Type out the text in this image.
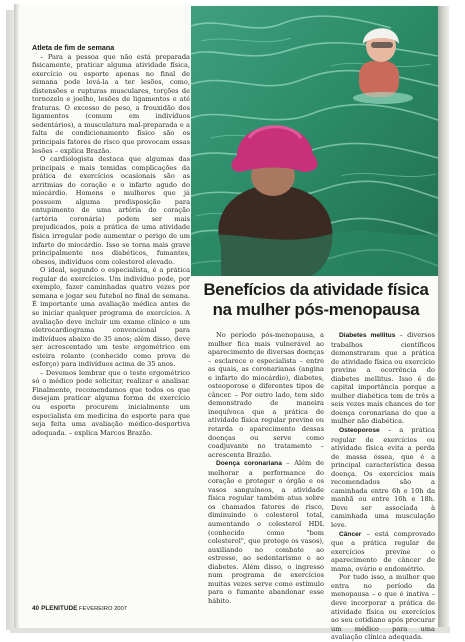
Benefícios da atividade física
na mulher pós-menopausa

Atleta de fim de semana

– Para a pessoa que não está preparada fisicamente, praticar alguma atividade física, exercício ou esporte apenas no final de semana pode levá-la a ter lesões, como, distensões e rupturas musculares, torções de tornozelo e joelho, lesões de ligamentos e até fraturas. O excesso de peso, a frouxidão dos ligamentos (comum em indivíduos sedentários), a musculatura mal-preparada e a falta de condicionamento físico são os principais fatores de risco que provocam essas lesões – explica Brazão.

O cardiologista destaca que algumas das principais e mais temidas complicações da prática de exercícios ocasionais são as arritmias do coração e o infarto agudo do miocárdio. Homens e mulheres que já possuem alguma predisposição para entupimento de uma artéria do coração (artéria coronária) podem ser mais prejudicados, pois a prática de uma atividade física irregular pode aumentar o perigo de um infarto do miocárdio. Isso se torna mais grave principalmente nos diabéticos, fumantes, obesos, indivíduos com colesterol elevado.

O ideal, segundo o especialista, é a prática regular de exercícios. Um indivíduo pode, por exemplo, fazer caminhadas quatro vezes por semana e jogar seu futebol no final de semana. É importante uma avaliação médica antes de se iniciar qualquer programa de exercícios. A avaliação deve incluir um exame clínico e um eletrocardiograma convencional para indivíduos abaixo de 35 anos; além disso, deve ser acrescentado um teste ergométrico em esteira rolante (conhecido como prova de esforço) para indivíduos acima de 35 anos.

– Devemos lembrar que o teste ergométrico só o médico pode solicitar, realizar e analisar. Finalmente, recomendamos que todos os que desejam praticar alguma forma de exercício ou esporte procurem inicialmente um especialista em medicina do esporte para que seja feita uma avaliação médico-desportiva adequada. – explica Marcos Brazão.

No período pós-menopausa, a mulher fica mais vulnerável ao aparecimento de diversas doenças – esclarece o especialista – entre as quais, as coronarianas (angina e infarto do miocárdio), diabetes, osteoporose e diferentes tipos de câncer. – Por outro lado, tem sido demonstrado de maneira inequívoca que a prática de atividade física regular previne ou retarda o aparecimento dessas doenças ou serve como coadjuvante no tratamento – acrescenta Brazão.

Doença coronariana – Além de melhorar a performance do coração e proteger o órgão e os vasos sanguíneos, a atividade física regular também atua sobre os chamados fatores de risco, diminuindo o colesterol total, aumentando o colesterol HDL (conhecido como "bom colesterol", que protege os vasos), auxiliando no combate ao estresse, ao sedentarismo e ao diabetes. Além disso, o ingresso num programa de exercícios muitas vezes serve como estímulo para o fumante abandonar esse hábito.

Diabetes mellitus – diversos trabalhos científicos demonstraram que a prática de atividade física ou exercício previne a ocorrência do diabetes mellitus. Isso é de capital importância porque a mulher diabética tem de três a seis vezes mais chances de ter doença coronariana do que a mulher não diabética.

Osteoporose – a prática regular de exercícios ou atividade física evita a perda de massa óssea, que é a principal característica dessa doença. Os exercícios mais recomendados são a caminhada entre 6h e 10h da manhã ou entre 16h e 18h. Deve ser associada à caminhada uma musculação leve.

Câncer – está comprovado que a prática regular de exercícios previne o aparecimento de câncer de mama, ovário e endométrio.

Por tudo isso, a mulher que entra no período da menopausa – e que é inativa – deve incorporar a prática de atividade física ou exercícios ao seu cotidiano após procurar um médico para uma avaliação clínica adequada.

40 PLENITUDE FEVEREIRO 2007
